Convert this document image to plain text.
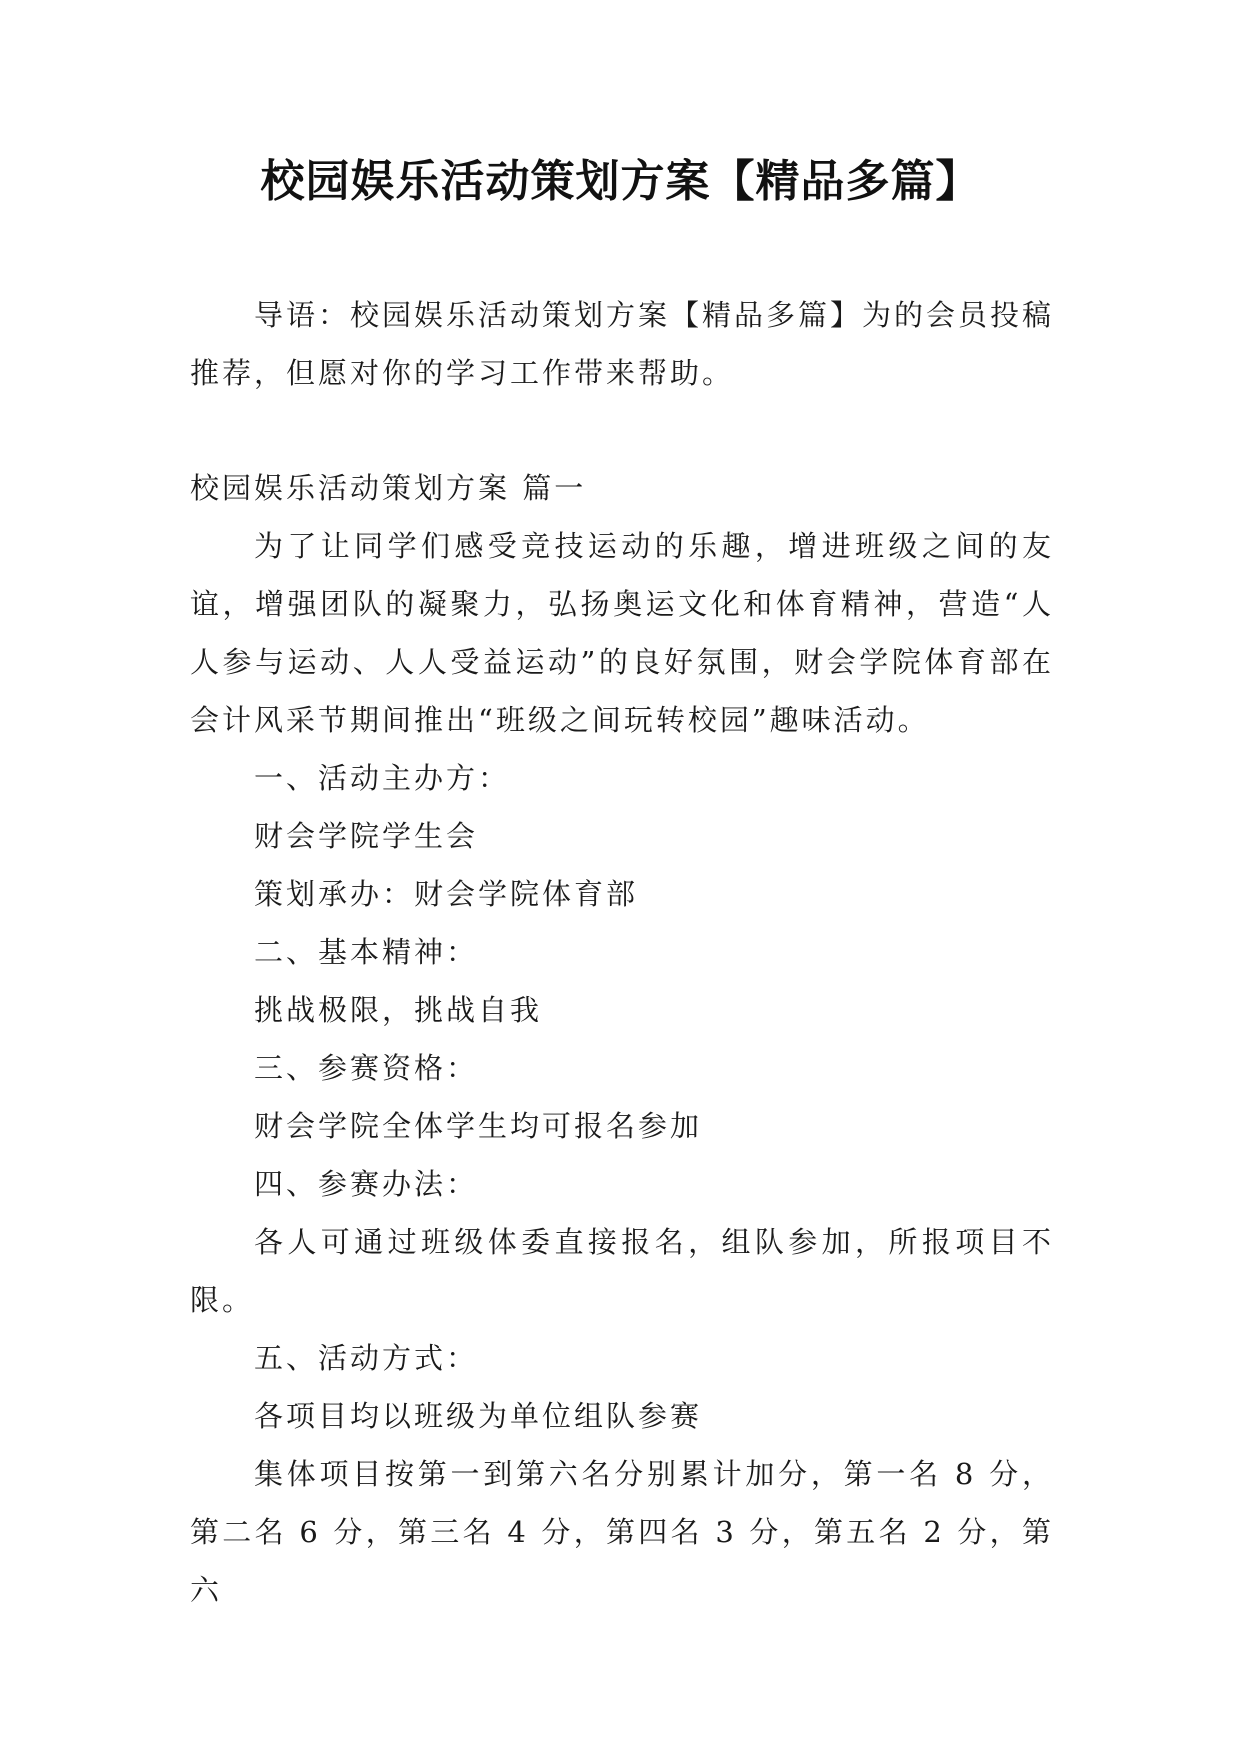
校园娱乐活动策划方案【精品多篇】

导语：校园娱乐活动策划方案【精品多篇】为的会员投稿推荐，但愿对你的学习工作带来帮助。

校园娱乐活动策划方案 篇一

为了让同学们感受竞技运动的乐趣，增进班级之间的友谊，增强团队的凝聚力，弘扬奥运文化和体育精神，营造“人人参与运动、人人受益运动”的良好氛围，财会学院体育部在会计风采节期间推出“班级之间玩转校园”趣味活动。

一、活动主办方：

财会学院学生会

策划承办：财会学院体育部

二、基本精神：

挑战极限，挑战自我

三、参赛资格：

财会学院全体学生均可报名参加

四、参赛办法：

各人可通过班级体委直接报名，组队参加，所报项目不限。

五、活动方式：

各项目均以班级为单位组队参赛

集体项目按第一到第六名分别累计加分，第一名 8 分，第二名 6 分，第三名 4 分，第四名 3 分，第五名 2 分，第六
